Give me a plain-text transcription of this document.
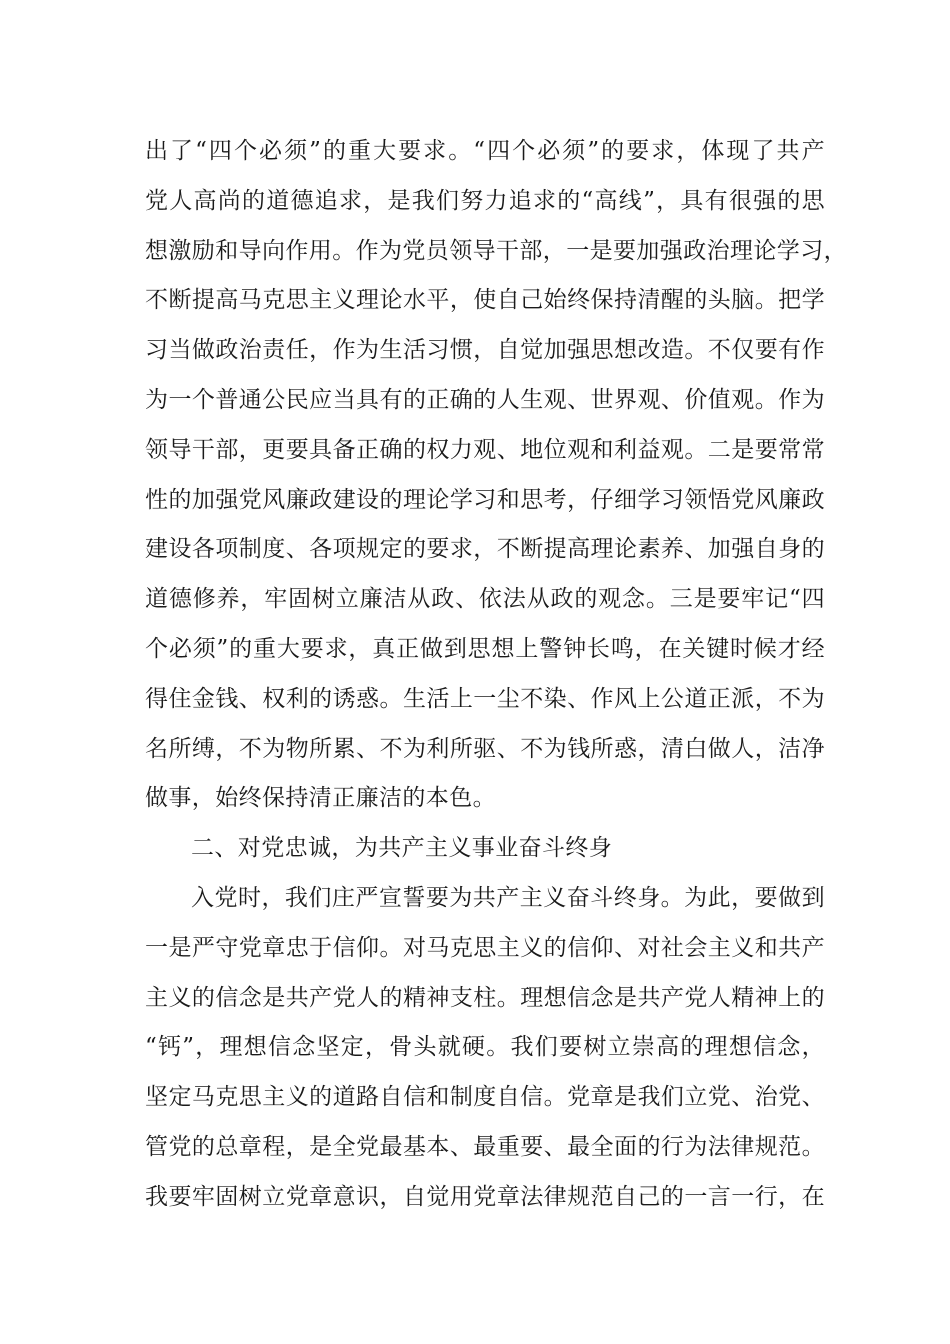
出了“四个必须”的重大要求。“四个必须”的要求，体现了共产
党人高尚的道德追求，是我们努力追求的“高线”，具有很强的思
想激励和导向作用。作为党员领导干部，一是要加强政治理论学习，
不断提高马克思主义理论水平，使自己始终保持清醒的头脑。把学
习当做政治责任，作为生活习惯，自觉加强思想改造。不仅要有作
为一个普通公民应当具有的正确的人生观、世界观、价值观。作为
领导干部，更要具备正确的权力观、地位观和利益观。二是要常常
性的加强党风廉政建设的理论学习和思考，仔细学习领悟党风廉政
建设各项制度、各项规定的要求，不断提高理论素养、加强自身的
道德修养，牢固树立廉洁从政、依法从政的观念。三是要牢记“四
个必须”的重大要求，真正做到思想上警钟长鸣，在关键时候才经
得住金钱、权利的诱惑。生活上一尘不染、作风上公道正派，不为
名所缚，不为物所累、不为利所驱、不为钱所惑，清白做人，洁净
做事，始终保持清正廉洁的本色。
二、对党忠诚，为共产主义事业奋斗终身
入党时，我们庄严宣誓要为共产主义奋斗终身。为此，要做到
一是严守党章忠于信仰。对马克思主义的信仰、对社会主义和共产
主义的信念是共产党人的精神支柱。理想信念是共产党人精神上的
“钙”，理想信念坚定，骨头就硬。我们要树立崇高的理想信念，
坚定马克思主义的道路自信和制度自信。党章是我们立党、治党、
管党的总章程，是全党最基本、最重要、最全面的行为法律规范。
我要牢固树立党章意识，自觉用党章法律规范自己的一言一行，在
